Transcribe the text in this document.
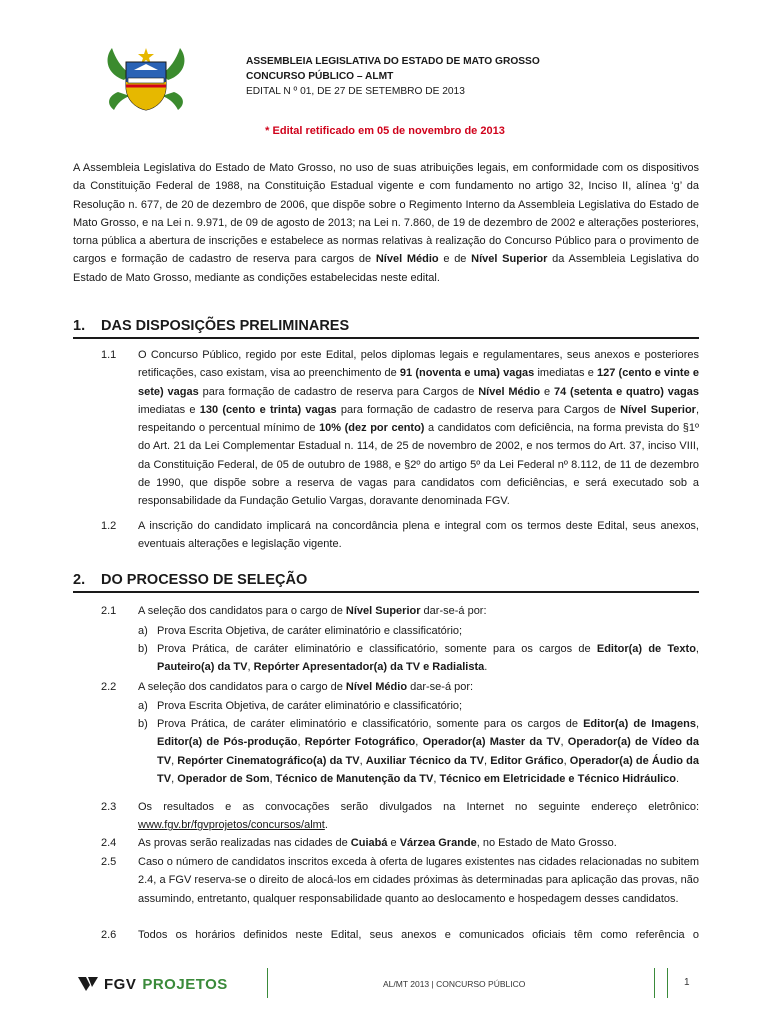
ASSEMBLEIA LEGISLATIVA DO ESTADO DE MATO GROSSO
CONCURSO PÚBLICO – ALMT
EDITAL N º 01, DE 27 DE SETEMBRO DE 2013
* Edital retificado em 05 de novembro de 2013
A Assembleia Legislativa do Estado de Mato Grosso, no uso de suas atribuições legais, em conformidade com os dispositivos da Constituição Federal de 1988, na Constituição Estadual vigente e com fundamento no artigo 32, Inciso II, alínea ‘g’ da Resolução n. 677, de 20 de dezembro de 2006, que dispõe sobre o Regimento Interno da Assembleia Legislativa do Estado de Mato Grosso, e na Lei n. 9.971, de 09 de agosto de 2013; na Lei n. 7.860, de 19 de dezembro de 2002 e alterações posteriores, torna pública a abertura de inscrições e estabelece as normas relativas à realização do Concurso Público para o provimento de cargos e formação de cadastro de reserva para cargos de Nível Médio e de Nível Superior da Assembleia Legislativa do Estado de Mato Grosso, mediante as condições estabelecidas neste edital.
1. DAS DISPOSIÇÕES PRELIMINARES
1.1	O Concurso Público, regido por este Edital, pelos diplomas legais e regulamentares, seus anexos e posteriores retificações, caso existam, visa ao preenchimento de 91 (noventa e uma) vagas imediatas e 127 (cento e vinte e sete) vagas para formação de cadastro de reserva para Cargos de Nível Médio e 74 (setenta e quatro) vagas imediatas e 130 (cento e trinta) vagas para formação de cadastro de reserva para Cargos de Nível Superior, respeitando o percentual mínimo de 10% (dez por cento) a candidatos com deficiência, na forma prevista do §1º do Art. 21 da Lei Complementar Estadual n. 114, de 25 de novembro de 2002, e nos termos do Art. 37, inciso VIII, da Constituição Federal, de 05 de outubro de 1988, e §2º do artigo 5º da Lei Federal nº 8.112, de 11 de dezembro de 1990, que dispõe sobre a reserva de vagas para candidatos com deficiências, e será executado sob a responsabilidade da Fundação Getulio Vargas, doravante denominada FGV.
1.2	A inscrição do candidato implicará na concordância plena e integral com os termos deste Edital, seus anexos, eventuais alterações e legislação vigente.
2. DO PROCESSO DE SELEÇÃO
2.1	A seleção dos candidatos para o cargo de Nível Superior dar-se-á por:
a) Prova Escrita Objetiva, de caráter eliminatório e classificatório;
b) Prova Prática, de caráter eliminatório e classificatório, somente para os cargos de Editor(a) de Texto, Pauteiro(a) da TV, Repórter Apresentador(a) da TV e Radialista.
2.2	A seleção dos candidatos para o cargo de Nível Médio dar-se-á por:
a) Prova Escrita Objetiva, de caráter eliminatório e classificatório;
b) Prova Prática, de caráter eliminatório e classificatório, somente para os cargos de Editor(a) de Imagens, Editor(a) de Pós-produção, Repórter Fotográfico, Operador(a) Master da TV, Operador(a) de Vídeo da TV, Repórter Cinematográfico(a) da TV, Auxiliar Técnico da TV, Editor Gráfico, Operador(a) de Áudio da TV, Operador de Som, Técnico de Manutenção da TV, Técnico em Eletricidade e Técnico Hidráulico.
2.3	Os resultados e as convocações serão divulgados na Internet no seguinte endereço eletrônico: www.fgv.br/fgvprojetos/concursos/almt.
2.4	As provas serão realizadas nas cidades de Cuiabá e Várzea Grande, no Estado de Mato Grosso.
2.5	Caso o número de candidatos inscritos exceda à oferta de lugares existentes nas cidades relacionadas no subitem 2.4, a FGV reserva-se o direito de alocá-los em cidades próximas às determinadas para aplicação das provas, não assumindo, entretanto, qualquer responsabilidade quanto ao deslocamento e hospedagem desses candidatos.
2.6	Todos os horários definidos neste Edital, seus anexos e comunicados oficiais têm como referência o
FGV PROJETOS	AL/MT 2013 | CONCURSO PÚBLICO	1
